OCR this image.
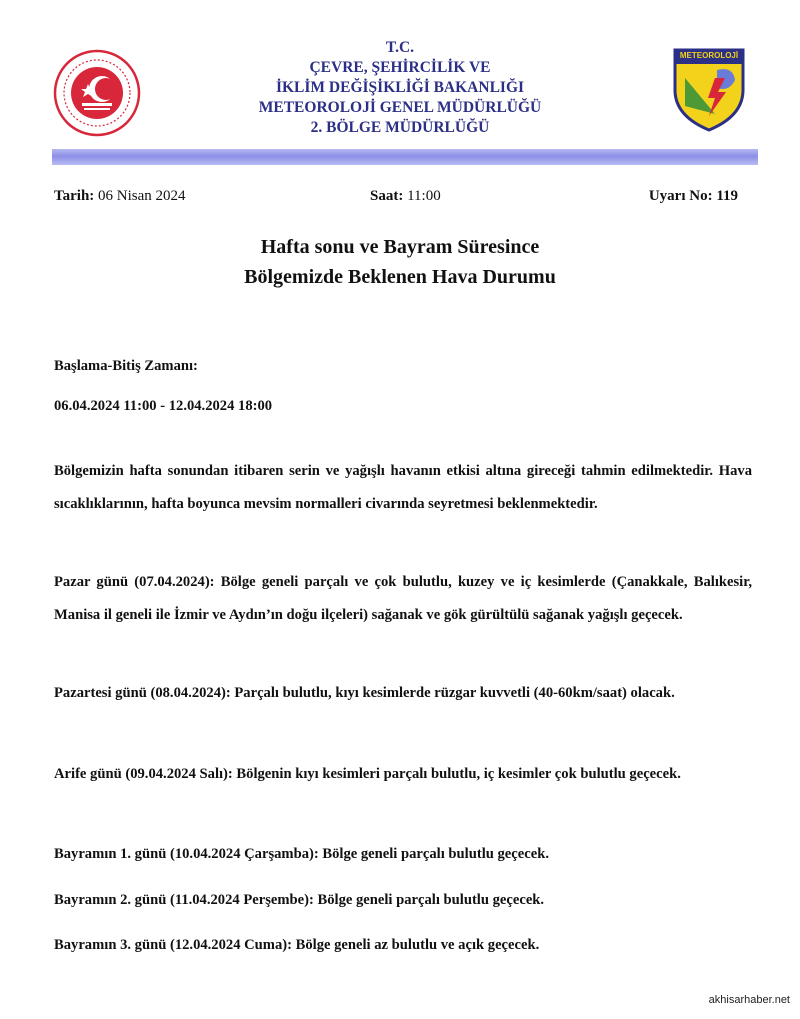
T.C.
ÇEVRE, ŞEHİRCİLİK VE
İKLİM DEĞİŞİKLİĞİ BAKANLIĞI
METEOROLOJİ GENEL MÜDÜRLÜĞÜ
2. BÖLGE MÜDÜRLÜĞÜ
METEOROLOJİ
Tarih: 06 Nisan 2024	Saat: 11:00	Uyarı No: 119
Hafta sonu ve Bayram Süresince
Bölgemizde Beklenen Hava Durumu
Başlama-Bitiş Zamanı:
06.04.2024 11:00 - 12.04.2024 18:00
Bölgemizin hafta sonundan itibaren serin ve yağışlı havanın etkisi altına gireceği tahmin edilmektedir. Hava sıcaklıklarının, hafta boyunca mevsim normalleri civarında seyretmesi beklenmektedir.
Pazar günü (07.04.2024): Bölge geneli parçalı ve çok bulutlu, kuzey ve iç kesimlerde (Çanakkale, Balıkesir, Manisa il geneli ile İzmir ve Aydın’ın doğu ilçeleri) sağanak ve gök gürültülü sağanak yağışlı geçecek.
Pazartesi günü (08.04.2024): Parçalı bulutlu, kıyı kesimlerde rüzgar kuvvetli (40-60km/saat) olacak.
Arife günü (09.04.2024 Salı): Bölgenin kıyı kesimleri parçalı bulutlu, iç kesimler çok bulutlu geçecek.
Bayramın 1. günü (10.04.2024 Çarşamba): Bölge geneli parçalı bulutlu geçecek.
Bayramın 2. günü (11.04.2024 Perşembe): Bölge geneli parçalı bulutlu geçecek.
Bayramın 3. günü (12.04.2024 Cuma): Bölge geneli az bulutlu ve açık geçecek.
akhisarhaber.net
